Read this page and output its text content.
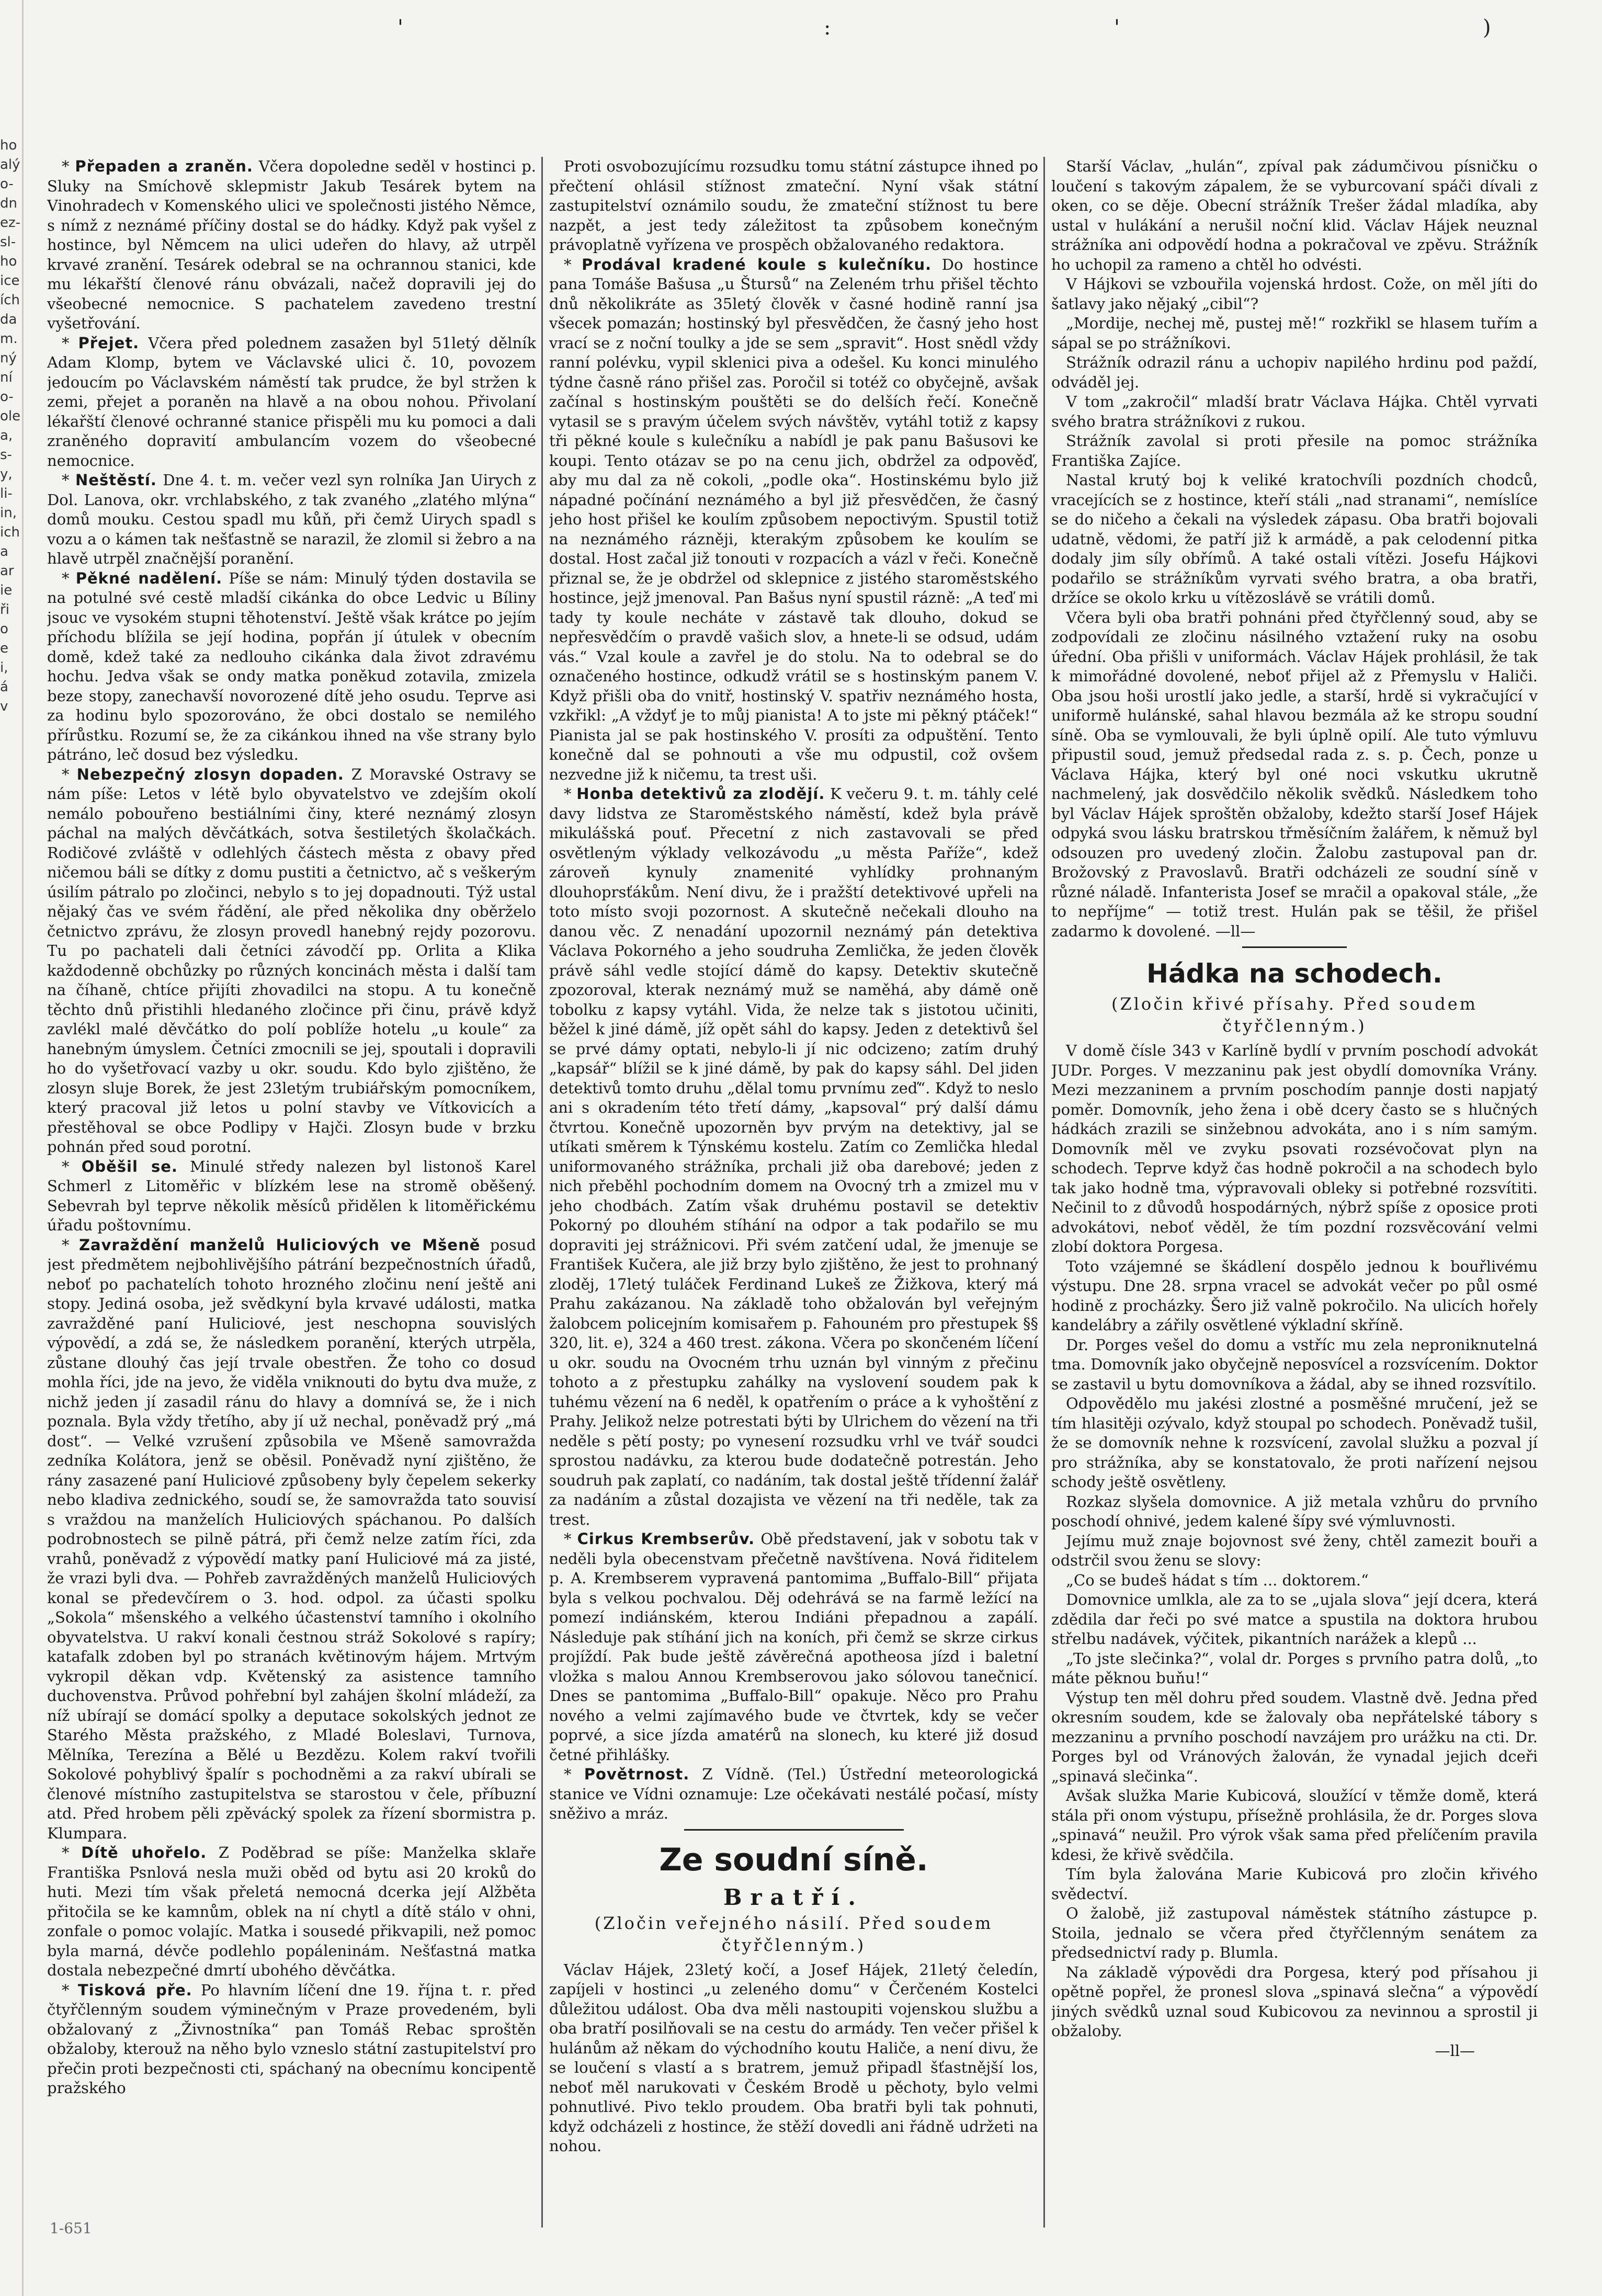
'	:	'	)
ho
alý
o-
dn
ez-
sl-
ho
ice
ích
da
m.
ný
ní
o-
ole
a,
s-
y,
li-
in,
ich
a
ar
ie
ři
o
e
i,
á
v

* Přepaden a zraněn. Včera dopoledne seděl v hostinci p. Sluky na Smíchově sklepmistr Jakub Tesárek bytem na Vinohradech v Komenského ulici ve společnosti jistého Němce, s nímž z neznámé příčiny dostal se do hádky. Když pak vyšel z hostince, byl Němcem na ulici udeřen do hlavy, až utrpěl krvavé zranění. Tesárek odebral se na ochrannou stanici, kde mu lékařští členové ránu obvázali, načež dopravili jej do všeobecné nemocnice. S pachatelem zavedeno trestní vyšetřování.

* Přejet. Včera před polednem zasažen byl 51letý dělník Adam Klomp, bytem ve Václavské ulici č. 10, povozem jedoucím po Václavském náměstí tak prudce, že byl stržen k zemi, přejet a poraněn na hlavě a na obou nohou. Přivolaní lékařští členové ochranné stanice přispěli mu ku pomoci a dali zraněného dopravití ambulancím vozem do všeobecné nemocnice.

* Neštěstí. Dne 4. t. m. večer vezl syn rolníka Jan Uirych z Dol. Lanova, okr. vrchlabského, z tak zvaného „zlatého mlýna“ domů mouku. Cestou spadl mu kůň, při čemž Uirych spadl s vozu a o kámen tak nešťastně se narazil, že zlomil si žebro a na hlavě utrpěl značnější poranění.

* Pěkné nadělení. Píše se nám: Minulý týden dostavila se na potulné své cestě mladší cikánka do obce Ledvic u Bíliny jsouc ve vysokém stupni těhotenství. Ještě však krátce po jejím příchodu blížila se její hodina, popřán jí útulek v obecním domě, kdež také za nedlouho cikánka dala život zdravému hochu. Jedva však se ondy matka poněkud zotavila, zmizela beze stopy, zanechavší novorozené dítě jeho osudu. Teprve asi za hodinu bylo spozorováno, že obci dostalo se nemilého přírůstku. Rozumí se, že za cikánkou ihned na vše strany bylo pátráno, leč dosud bez výsledku.

* Nebezpečný zlosyn dopaden. Z Moravské Ostravy se nám píše: Letos v létě bylo obyvatelstvo ve zdejším okolí nemálo pobouřeno bestiálními činy, které neznámý zlosyn páchal na malých děvčátkách, sotva šestiletých školačkách. Rodičové zvláště v odlehlých částech města z obavy před ničemou báli se dítky z domu pustiti a četnictvo, ač s veškerým úsilím pátralo po zločinci, nebylo s to jej dopadnouti. Týž ustal nějaký čas ve svém řádění, ale před několika dny oběrželo četnictvo zprávu, že zlosyn provedl hanebný rejdy pozorovu. Tu po pachateli dali četníci závodčí pp. Orlita a Klika každodenně obchůzky po různých koncinách města i další tam na číhaně, chtíce přijíti zhovadilci na stopu. A tu konečně těchto dnů přistihli hledaného zločince při činu, právě když zavlékl malé děvčátko do polí poblíže hotelu „u koule“ za hanebným úmyslem. Četníci zmocnili se jej, spoutali i dopravili ho do vyšetřovací vazby u okr. soudu. Kdo bylo zjištěno, že zlosyn sluje Borek, že jest 23letým trubiářským pomocníkem, který pracoval již letos u polní stavby ve Vítkovicích a přestěhoval se obce Podlipy v Hajči. Zlosyn bude v brzku pohnán před soud porotní.

* Oběšil se. Minulé středy nalezen byl listonoš Karel Schmerl z Litoměřic v blízkém lese na stromě oběšený. Sebevrah byl teprve několik měsíců přidělen k litoměřickému úřadu poštovnímu.

* Zavraždění manželů Huliciových ve Mšeně posud jest předmětem nejbohlivějšího pátrání bezpečnostních úřadů, neboť po pachatelích tohoto hrozného zločinu není ještě ani stopy. Jediná osoba, jež svědkyní byla krvavé události, matka zavražděné paní Huliciové, jest neschopna souvislých výpovědí, a zdá se, že následkem poranění, kterých utrpěla, zůstane dlouhý čas její trvale obestřen. Že toho co dosud mohla říci, jde na jevo, že viděla vniknouti do bytu dva muže, z nichž jeden jí zasadil ránu do hlavy a domnívá se, že i nich poznala. Byla vždy třetího, aby jí už nechal, poněvadž prý „má dost“. — Velké vzrušení způsobila ve Mšeně samovražda zedníka Kolátora, jenž se oběsil. Poněvadž nyní zjištěno, že rány zasazené paní Huliciové způsobeny byly čepelem sekerky nebo kladiva zednického, soudí se, že samovražda tato souvisí s vraždou na manželích Huliciových spáchanou. Po dalších podrobnostech se pilně pátrá, při čemž nelze zatím říci, zda vrahů, poněvadž z výpovědí matky paní Huliciové má za jisté, že vrazi byli dva. — Pohřeb zavražděných manželů Huliciových konal se předevčírem o 3. hod. odpol. za účasti spolku „Sokola“ mšenského a velkého účastenství tamního i okolního obyvatelstva. U rakví konali čestnou stráž Sokolové s rapíry; katafalk zdoben byl po stranách květinovým hájem. Mrtvým vykropil děkan vdp. Květenský za asistence tamního duchovenstva. Průvod pohřební byl zahájen školní mládeží, za níž ubírají se domácí spolky a deputace sokolských jednot ze Starého Města pražského, z Mladé Boleslavi, Turnova, Mělníka, Terezína a Bělé u Bezdězu. Kolem rakví tvořili Sokolové pohyblivý špalír s pochodněmi a za rakví ubírali se členové místního zastupitelstva se starostou v čele, příbuzní atd. Před hrobem pěli zpěvácký spolek za řízení sbormistra p. Klumpara.

* Dítě uhořelo. Z Poděbrad se píše: Manželka sklaře Františka Psnlová nesla muži oběd od bytu asi 20 kroků do huti. Mezi tím však přeletá nemocná dcerka její Alžběta přitočila se ke kamnům, oblek na ní chytl a dítě stálo v ohni, zonfale o pomoc volajíc. Matka i sousedé přikvapili, než pomoc byla marná, dévče podlehlo popáleninám. Nešťastná matka dostala nebezpečné dmrtí ubohého děvčátka.

* Tisková pře. Po hlavním líčení dne 19. října t. r. před čtyřčlenným soudem výminečným v Praze provedeném, byli obžalovaný z „Živnostníka“ pan Tomáš Rebac sproštěn obžaloby, kterouž na něho bylo vzneslo státní zastupitelství pro přečin proti bezpečnosti cti, spáchaný na obecnímu koncipentě pražského

Proti osvobozujícímu rozsudku tomu státní zástupce ihned po přečtení ohlásil stížnost zmateční. Nyní však státní zastupitelství oznámilo soudu, že zmateční stížnost tu bere nazpět, a jest tedy záležitost ta způsobem konečným právoplatně vyřízena ve prospěch obžalovaného redaktora.

* Prodával kradené koule s kulečníku. Do hostince pana Tomáše Bašusa „u Štursů“ na Zeleném trhu přišel těchto dnů několikráte as 35letý člověk v časné hodině ranní jsa všecek pomazán; hostinský byl přesvědčen, že časný jeho host vrací se z noční toulky a jde se sem „spravit“. Host snědl vždy ranní polévku, vypil sklenici piva a odešel. Ku konci minulého týdne časně ráno přišel zas. Poročil si totéž co obyčejně, avšak začínal s hostinským pouštěti se do delších řečí. Konečně vytasil se s pravým účelem svých návštěv, vytáhl totiž z kapsy tři pěkné koule s kulečníku a nabídl je pak panu Bašusovi ke koupi. Tento otázav se po na cenu jich, obdržel za odpověď, aby mu dal za ně cokoli, „podle oka“. Hostinskému bylo již nápadné počínání neznámého a byl již přesvědčen, že časný jeho host přišel ke koulím způsobem nepoctivým. Spustil totiž na neznámého rázněji, kterakým způsobem ke koulím se dostal. Host začal již tonouti v rozpacích a vázl v řeči. Konečně přiznal se, že je obdržel od sklepnice z jistého staroměstského hostince, jejž jmenoval. Pan Bašus nyní spustil rázně: „A teď mi tady ty koule necháte v zástavě tak dlouho, dokud se nepřesvědčím o pravdě vašich slov, a hnete-li se odsud, udám vás.“ Vzal koule a zavřel je do stolu. Na to odebral se do označeného hostince, odkudž vrátil se s hostinským panem V. Když přišli oba do vnitř, hostinský V. spatřiv neznámého hosta, vzkřikl: „A vždyť je to můj pianista! A to jste mi pěkný ptáček!“ Pianista jal se pak hostinského V. prosíti za odpuštění. Tento konečně dal se pohnouti a vše mu odpustil, což ovšem nezvedne již k ničemu, ta trest uši.

* Honba detektivů za zlodějí. K večeru 9. t. m. táhly celé davy lidstva ze Staroměstského náměstí, kdež byla právě mikulášská pouť. Přecetní z nich zastavovali se před osvětleným výklady velkozávodu „u města Paříže“, kdež zároveň kynuly znamenité vyhlídky prohnaným dlouhoprsťákům. Není divu, že i pražští detektivové upřeli na toto místo svoji pozornost. A skutečně nečekali dlouho na danou věc. Z nenadání upozornil neznámý pán detektiva Václava Pokorného a jeho soudruha Zemlička, že jeden člověk právě sáhl vedle stojící dámě do kapsy. Detektiv skutečně zpozoroval, kterak neznámý muž se naměhá, aby dámě oně tobolku z kapsy vytáhl. Vida, že nelze tak s jistotou učiniti, běžel k jiné dámě, jíž opět sáhl do kapsy. Jeden z detektivů šel se prvé dámy optati, nebylo-li jí nic odcizeno; zatím druhý „kapsář“ blížil se k jiné dámě, by pak do kapsy sáhl. Del jiden detektivů tomto druhu „dělal tomu prvnímu zeď“. Když to neslo ani s okradením této třetí dámy, „kapsoval“ prý další dámu čtvrtou. Konečně upozorněn byv prvým na detektivy, jal se utíkati směrem k Týnskému kostelu. Zatím co Zemlička hledal uniformovaného strážníka, prchali již oba darebové; jeden z nich přeběhl pochodním domem na Ovocný trh a zmizel mu v jeho chodbách. Zatím však druhému postavil se detektiv Pokorný po dlouhém stíhání na odpor a tak podařilo se mu dopraviti jej strážnicovi. Při svém zatčení udal, že jmenuje se František Kučera, ale již brzy bylo zjištěno, že jest to prohnaný zloděj, 17letý tuláček Ferdinand Lukeš ze Žižkova, který má Prahu zakázanou. Na základě toho obžalován byl veřejným žalobcem policejním komisařem p. Fahouném pro přestupek §§ 320, lit. e), 324 a 460 trest. zákona. Včera po skončeném líčení u okr. soudu na Ovocném trhu uznán byl vinným z přečinu tohoto a z přestupku zahálky na vyslovení soudem pak k tuhému vězení na 6 neděl, k opatřením o práce a k vyhoštění z Prahy. Jelikož nelze potrestati býti by Ulrichem do vězení na tři neděle s pětí posty; po vynesení rozsudku vrhl ve tvář soudci sprostou nadávku, za kterou bude dodatečně potrestán. Jeho soudruh pak zaplatí, co nadáním, tak dostal ještě třídenní žalář za nadáním a zůstal dozajista ve vězení na tři neděle, tak za trest.

* Cirkus Krembserův. Obě představení, jak v sobotu tak v neděli byla obecenstvam přečetně navštívena. Nová řiditelem p. A. Krembserem vypravená pantomima „Buffalo-Bill“ přijata byla s velkou pochvalou. Děj odehrává se na farmě ležící na pomezí indiánském, kterou Indiáni přepadnou a zapálí. Následuje pak stíhání jich na koních, při čemž se skrze cirkus projíždí. Pak bude ještě závěrečná apotheosa jízd i baletní vložka s malou Annou Krembserovou jako sólovou tanečnicí. Dnes se pantomima „Buffalo-Bill“ opakuje. Něco pro Prahu nového a velmi zajímavého bude ve čtvrtek, kdy se večer poprvé, a sice jízda amatérů na slonech, ku které již dosud četné přihlášky.

* Povětrnost. Z Vídně. (Tel.) Ústřední meteorologická stanice ve Vídni oznamuje: Lze očekávati nestálé počasí, místy sněživo a mráz.

Ze soudní síně.
Bratří.
(Zločin veřejného násilí. Před soudem čtyřčlenným.)

Václav Hájek, 23letý kočí, a Josef Hájek, 21letý čeledín, zapíjeli v hostinci „u zeleného domu“ v Čerčeném Kostelci důležitou událost. Oba dva měli nastoupiti vojenskou službu a oba bratří posilňovali se na cestu do armády. Ten večer přišel k hulánům až někam do východního koutu Haliče, a není divu, že se loučení s vlastí a s bratrem, jemuž připadl šťastnější los, neboť měl narukovati v Českém Brodě u pěchoty, bylo velmi pohnutlivé. Pivo teklo proudem. Oba bratři byli tak pohnuti, když odcházeli z hostince, že stěží dovedli ani řádně udržeti na nohou.

Starší Václav, „hulán“, zpíval pak zádumčivou písničku o loučení s takovým zápalem, že se vyburcovaní spáči dívali z oken, co se děje. Obecní strážník Trešer žádal mladíka, aby ustal v hulákání a nerušil noční klid. Václav Hájek neuznal strážníka ani odpovědí hodna a pokračoval ve zpěvu. Strážník ho uchopil za rameno a chtěl ho odvésti.

V Hájkovi se vzbouřila vojenská hrdost. Cože, on měl jíti do šatlavy jako nějaký „cibil“?

„Mordije, nechej mě, pustej mě!“ rozkřikl se hlasem tuřím a sápal se po strážníkovi.

Strážník odrazil ránu a uchopiv napilého hrdinu pod paždí, odváděl jej.

V tom „zakročil“ mladší bratr Václava Hájka. Chtěl vyrvati svého bratra strážníkovi z rukou.

Strážník zavolal si proti přesile na pomoc strážníka Františka Zajíce.

Nastal krutý boj k veliké kratochvíli pozdních chodců, vracejících se z hostince, kteří stáli „nad stranami“, nemíslíce se do ničeho a čekali na výsledek zápasu. Oba bratři bojovali udatně, vědomi, že patří již k armádě, a pak celodenní pitka dodaly jim síly obřímů. A také ostali vítězi. Josefu Hájkovi podařilo se strážníkům vyrvati svého bratra, a oba bratři, držíce se okolo krku u vítězoslávě se vrátili domů.

Včera byli oba bratři pohnáni před čtyřčlenný soud, aby se zodpovídali ze zločinu násilného vztažení ruky na osobu úřední. Oba přišli v uniformách. Václav Hájek prohlásil, že tak k mimořádné dovolené, neboť přijel až z Přemyslu v Haliči. Oba jsou hoši urostlí jako jedle, a starší, hrdě si vykračující v uniformě hulánské, sahal hlavou bezmála až ke stropu soudní síně. Oba se vymlouvali, že byli úplně opilí. Ale tuto výmluvu připustil soud, jemuž předsedal rada z. s. p. Čech, ponze u Václava Hájka, který byl oné noci vskutku ukrutně nachmelený, jak dosvědčilo několik svědků. Následkem toho byl Václav Hájek sproštěn obžaloby, kdežto starší Josef Hájek odpyká svou lásku bratrskou třměsíčním žalářem, k němuž byl odsouzen pro uvedený zločin. Žalobu zastupoval pan dr. Brožovský z Pravoslavů. Bratři odcházeli ze soudní síně v různé náladě. Infanterista Josef se mračil a opakoval stále, „že to nepříjme“ — totiž trest. Hulán pak se těšil, že přišel zadarmo k dovolené. —ll—

Hádka na schodech.
(Zločin křivé přísahy. Před soudem čtyřčlenným.)

V domě čísle 343 v Karlíně bydlí v prvním poschodí advokát JUDr. Porges. V mezzaninu pak jest obydlí domovníka Vrány. Mezi mezzaninem a prvním poschodím pannje dosti napjatý poměr. Domovník, jeho žena i obě dcery často se s hlučných hádkách zrazili se sinžebnou advokáta, ano i s ním samým. Domovník měl ve zvyku psovati rozsévočovat plyn na schodech. Teprve když čas hodně pokročil a na schodech bylo tak jako hodně tma, výpravovali obleky si potřebné rozsvítiti. Nečinil to z důvodů hospodárných, nýbrž spíše z oposice proti advokátovi, neboť věděl, že tím pozdní rozsvěcování velmi zlobí doktora Porgesa.

Toto vzájemné se škádlení dospělo jednou k bouřlivému výstupu. Dne 28. srpna vracel se advokát večer po půl osmé hodině z procházky. Šero již valně pokročilo. Na ulicích hořely kandelábry a zářily osvětlené výkladní skříně.

Dr. Porges vešel do domu a vstříc mu zela neproniknutelná tma. Domovník jako obyčejně neposvícel a rozsvícením. Doktor se zastavil u bytu domovníkova a žádal, aby se ihned rozsvítilo.

Odpovědělo mu jakési zlostné a posměšné mručení, jež se tím hlasitěji ozývalo, když stoupal po schodech. Poněvadž tušil, že se domovník nehne k rozsvícení, zavolal služku a pozval jí pro strážníka, aby se konstatovalo, že proti nařízení nejsou schody ještě osvětleny.

Rozkaz slyšela domovnice. A již metala vzhůru do prvního poschodí ohnivé, jedem kalené šípy své výmluvnosti.

Jejímu muž znaje bojovnost své ženy, chtěl zamezit bouři a odstrčil svou ženu se slovy:

„Co se budeš hádat s tím ... doktorem.“

Domovnice umlkla, ale za to se „ujala slova“ její dcera, která zdědila dar řeči po své matce a spustila na doktora hrubou střelbu nadávek, výčitek, pikantních narážek a klepů ...

„To jste slečinka?“, volal dr. Porges s prvního patra dolů, „to máte pěknou buňu!“

Výstup ten měl dohru před soudem. Vlastně dvě. Jedna před okresním soudem, kde se žalovaly oba nepřátelské tábory s mezzaninu a prvního poschodí navzájem pro urážku na cti. Dr. Porges byl od Vránových žalován, že vynadal jejich dceři „spinavá slečinka“.

Avšak služka Marie Kubicová, sloužící v těmže domě, která stála při onom výstupu, přísežně prohlásila, že dr. Porges slova „spinavá“ neužil. Pro výrok však sama před přelíčením pravila kdesi, že křivě svědčila.

Tím byla žalována Marie Kubicová pro zločin křivého svědectví.

O žalobě, již zastupoval náměstek státního zástupce p. Stoila, jednalo se včera před čtyřčlenným senátem za předsednictví rady p. Blumla.

Na základě výpovědi dra Porgesa, který pod přísahou ji opětně popřel, že pronesl slova „spinavá slečna“ a výpovědí jiných svědků uznal soud Kubicovou za nevinnou a sprostil ji obžaloby.

—ll—
1-651
